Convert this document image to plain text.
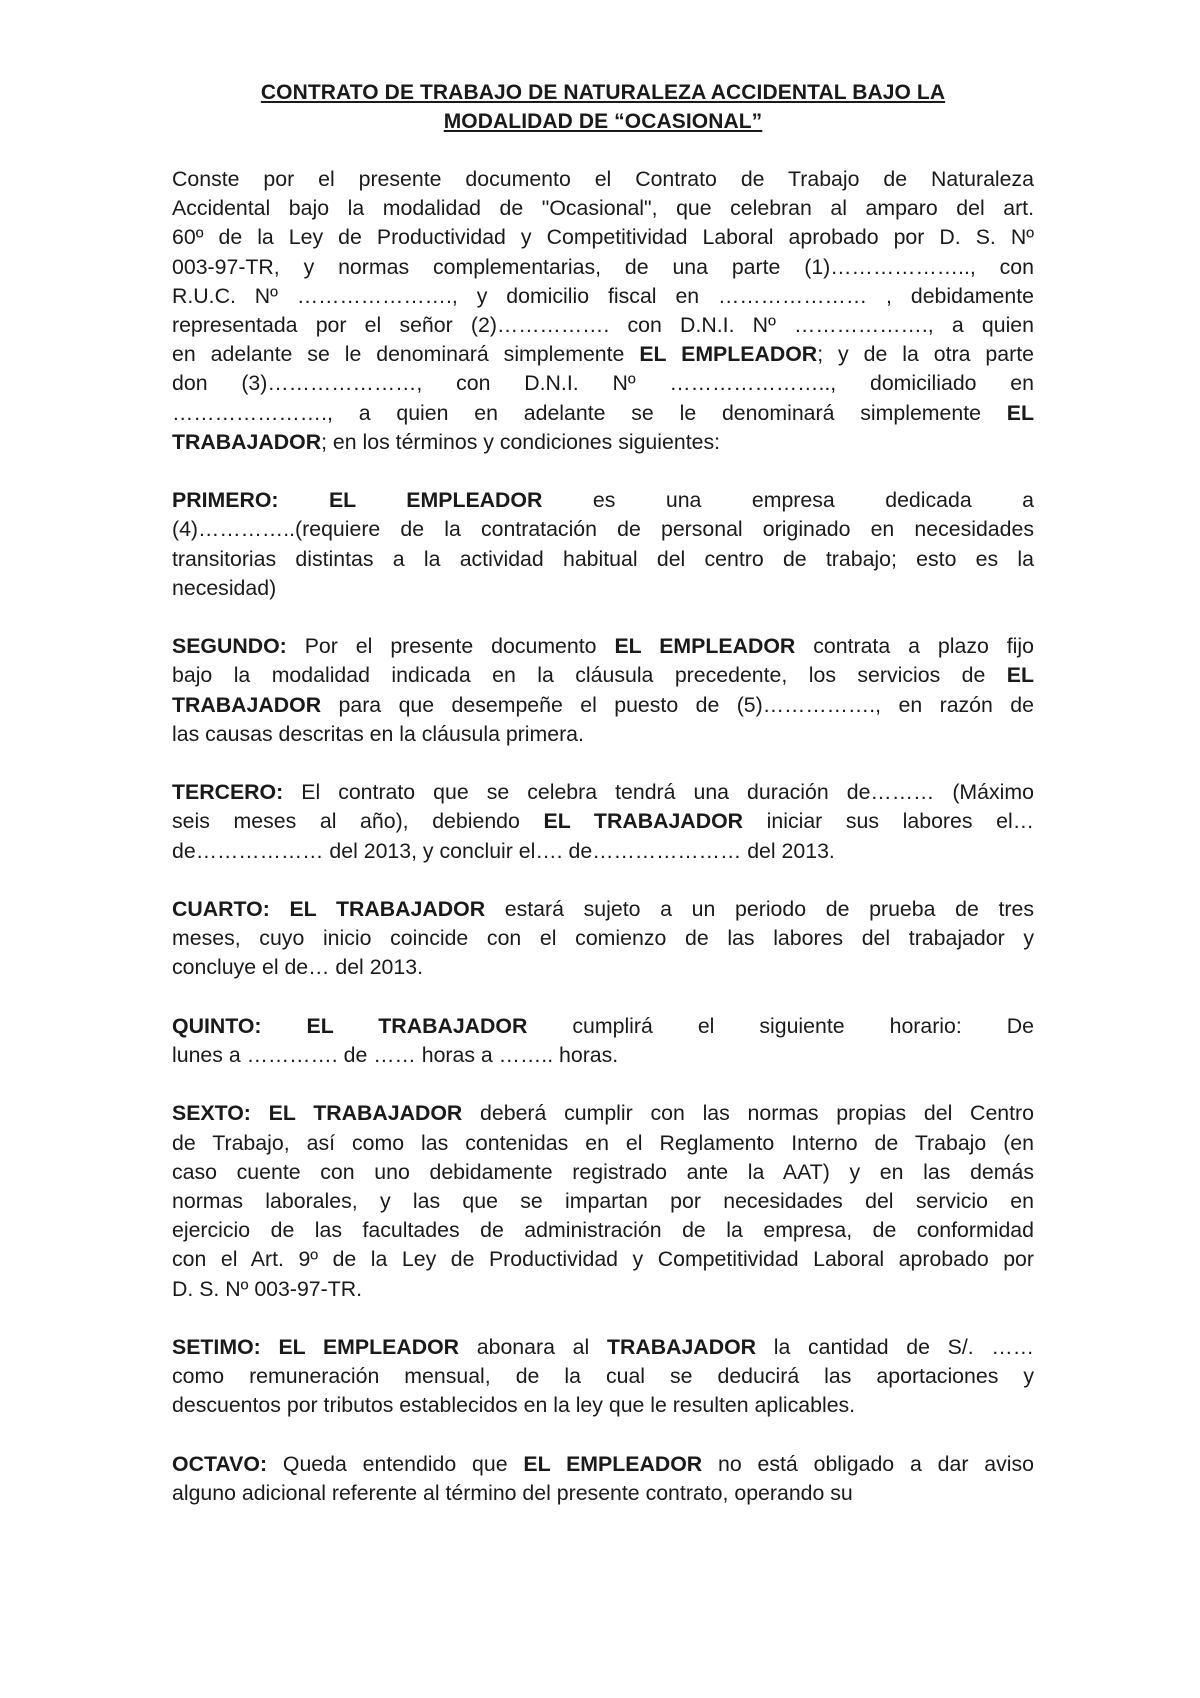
CONTRATO DE TRABAJO DE NATURALEZA ACCIDENTAL BAJO LA
MODALIDAD DE “OCASIONAL”
Conste por el presente documento el Contrato de Trabajo de Naturaleza
Accidental bajo la modalidad de "Ocasional", que celebran al amparo del art.
60º de la Ley de Productividad y Competitividad Laboral aprobado por D. S. Nº
003-97-TR, y normas complementarias, de una parte (1)……………….., con
R.U.C. Nº …………………., y domicilio fiscal en ………………… , debidamente
representada por el señor (2)……………. con D.N.I. Nº ………………., a quien
en adelante se le denominará simplemente EL EMPLEADOR; y de la otra parte
don (3)…………………, con D.N.I. Nº ………………….., domiciliado en
…………………., a quien en adelante se le denominará simplemente EL
TRABAJADOR; en los términos y condiciones siguientes:
PRIMERO: EL EMPLEADOR es una empresa dedicada a
(4)…………..(requiere de la contratación de personal originado en necesidades
transitorias distintas a la actividad habitual del centro de trabajo; esto es la
necesidad)
SEGUNDO: Por el presente documento EL EMPLEADOR contrata a plazo fijo
bajo la modalidad indicada en la cláusula precedente, los servicios de EL
TRABAJADOR para que desempeñe el puesto de (5)……………., en razón de
las causas descritas en la cláusula primera.
TERCERO: El contrato que se celebra tendrá una duración de……… (Máximo
seis meses al año), debiendo EL TRABAJADOR iniciar sus labores el…
de……………… del 2013, y concluir el…. de………………… del 2013.
CUARTO: EL TRABAJADOR estará sujeto a un periodo de prueba de tres
meses, cuyo inicio coincide con el comienzo de las labores del trabajador y
concluye el de… del 2013.
QUINTO: EL TRABAJADOR cumplirá el siguiente horario: De
lunes a …………. de …… horas a …….. horas.
SEXTO: EL TRABAJADOR deberá cumplir con las normas propias del Centro
de Trabajo, así como las contenidas en el Reglamento Interno de Trabajo (en
caso cuente con uno debidamente registrado ante la AAT) y en las demás
normas laborales, y las que se impartan por necesidades del servicio en
ejercicio de las facultades de administración de la empresa, de conformidad
con el Art. 9º de la Ley de Productividad y Competitividad Laboral aprobado por
D. S. Nº 003-97-TR.
SETIMO: EL EMPLEADOR abonara al TRABAJADOR la cantidad de S/. ……
como remuneración mensual, de la cual se deducirá las aportaciones y
descuentos por tributos establecidos en la ley que le resulten aplicables.
OCTAVO: Queda entendido que EL EMPLEADOR no está obligado a dar aviso
alguno adicional referente al término del presente contrato, operando su
